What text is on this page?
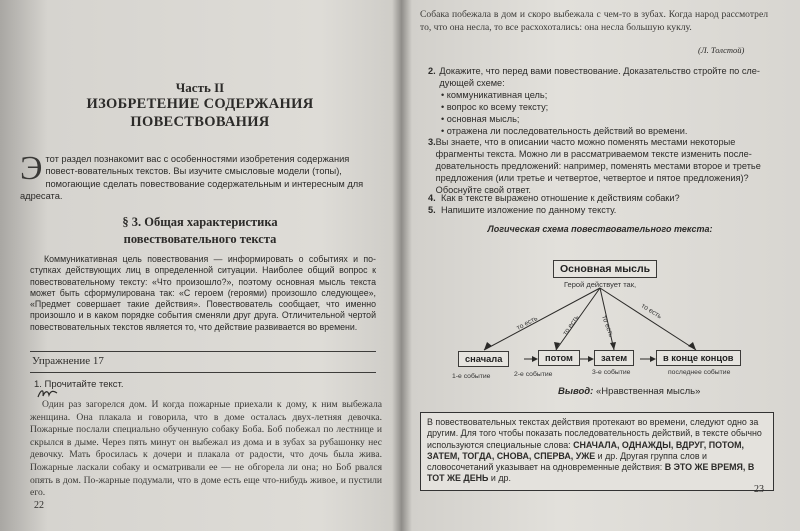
Часть II
ИЗОБРЕТЕНИЕ СОДЕРЖАНИЯ
ПОВЕСТВОВАНИЯ
Э тот раздел познакомит вас с особенностями изобретения содержания повест-вовательных текстов. Вы изучите смысловые модели (топы), помогающие сделать повествование содержательным и интересным для адресата.
§ 3. Общая характеристика
повествовательного текста
Коммуникативная цель повествования — информировать о событиях и по-ступках действующих лиц в определенной ситуации. Наиболее общий вопрос к повествовательному тексту: «Что произошло?», поэтому основная мысль текста может быть сформулирована так: «С героем (героями) произошло следующее», «Предмет совершает такие действия». Повествователь сообщает, что именно произошло и в каком порядке события сменяли друг друга. Отличительной чертой повествовательных текстов является то, что действие развивается во времени.
Упражнение 17
1. Прочитайте текст.
Один раз загорелся дом. И когда пожарные приехали к дому, к ним выбежала женщина. Она плакала и говорила, что в доме осталась двух-летняя девочка. Пожарные послали специально обученную собаку Боба. Боб побежал по лестнице и скрылся в дыме. Через пять минут он выбежал из дома и в зубах за рубашонку нес девочку. Мать бросилась к дочери и плакала от радости, что дочь была жива. Пожарные ласкали собаку и осматривали ее — не обгорела ли она; но Боб рвался опять в дом. По-жарные подумали, что в доме есть еще что-нибудь живое, и пустили его.
22
Собака побежала в дом и скоро выбежала с чем-то в зубах. Когда народ рассмотрел то, что она несла, то все расхохотались: она несла большую куклу.
(Л. Толстой)
2. Докажите, что перед вами повествование. Доказательство стройте по сле-дующей схеме:
• коммуникативная цель;
• вопрос ко всему тексту;
• основная мысль;
• отражена ли последовательность действий во времени.
3. Вы знаете, что в описании часто можно поменять местами некоторые фрагменты текста. Можно ли в рассматриваемом тексте изменить после-довательность предложений: например, поменять местами второе и третье предложения (или третье и четвертое, четвертое и пятое предложения)? Обоснуйте свой ответ.
4. Как в тексте выражено отношение к действиям собаки?
5. Напишите изложение по данному тексту.
Логическая схема повествовательного текста:
Основная мысль
Герой действует так,
то есть	то есть	то есть
то есть
сначала	потом	затем	в конце концов
1-е событие	2-е событие	3-е событие	последнее событие
Вывод: «Нравственная мысль»
В повествовательных текстах действия протекают во времени, следуют одно за другим. Для того чтобы показать последовательность действий, в тексте обычно используются специальные слова: СНАЧАЛА, ОДНАЖДЫ, ВДРУГ, ПОТОМ, ЗАТЕМ, ТОГДА, СНОВА, СПЕРВА, УЖЕ и др. Другая группа слов и словосочетаний указывает на одновременные действия: В ЭТО ЖЕ ВРЕМЯ, В ТОТ ЖЕ ДЕНЬ и др.
23
